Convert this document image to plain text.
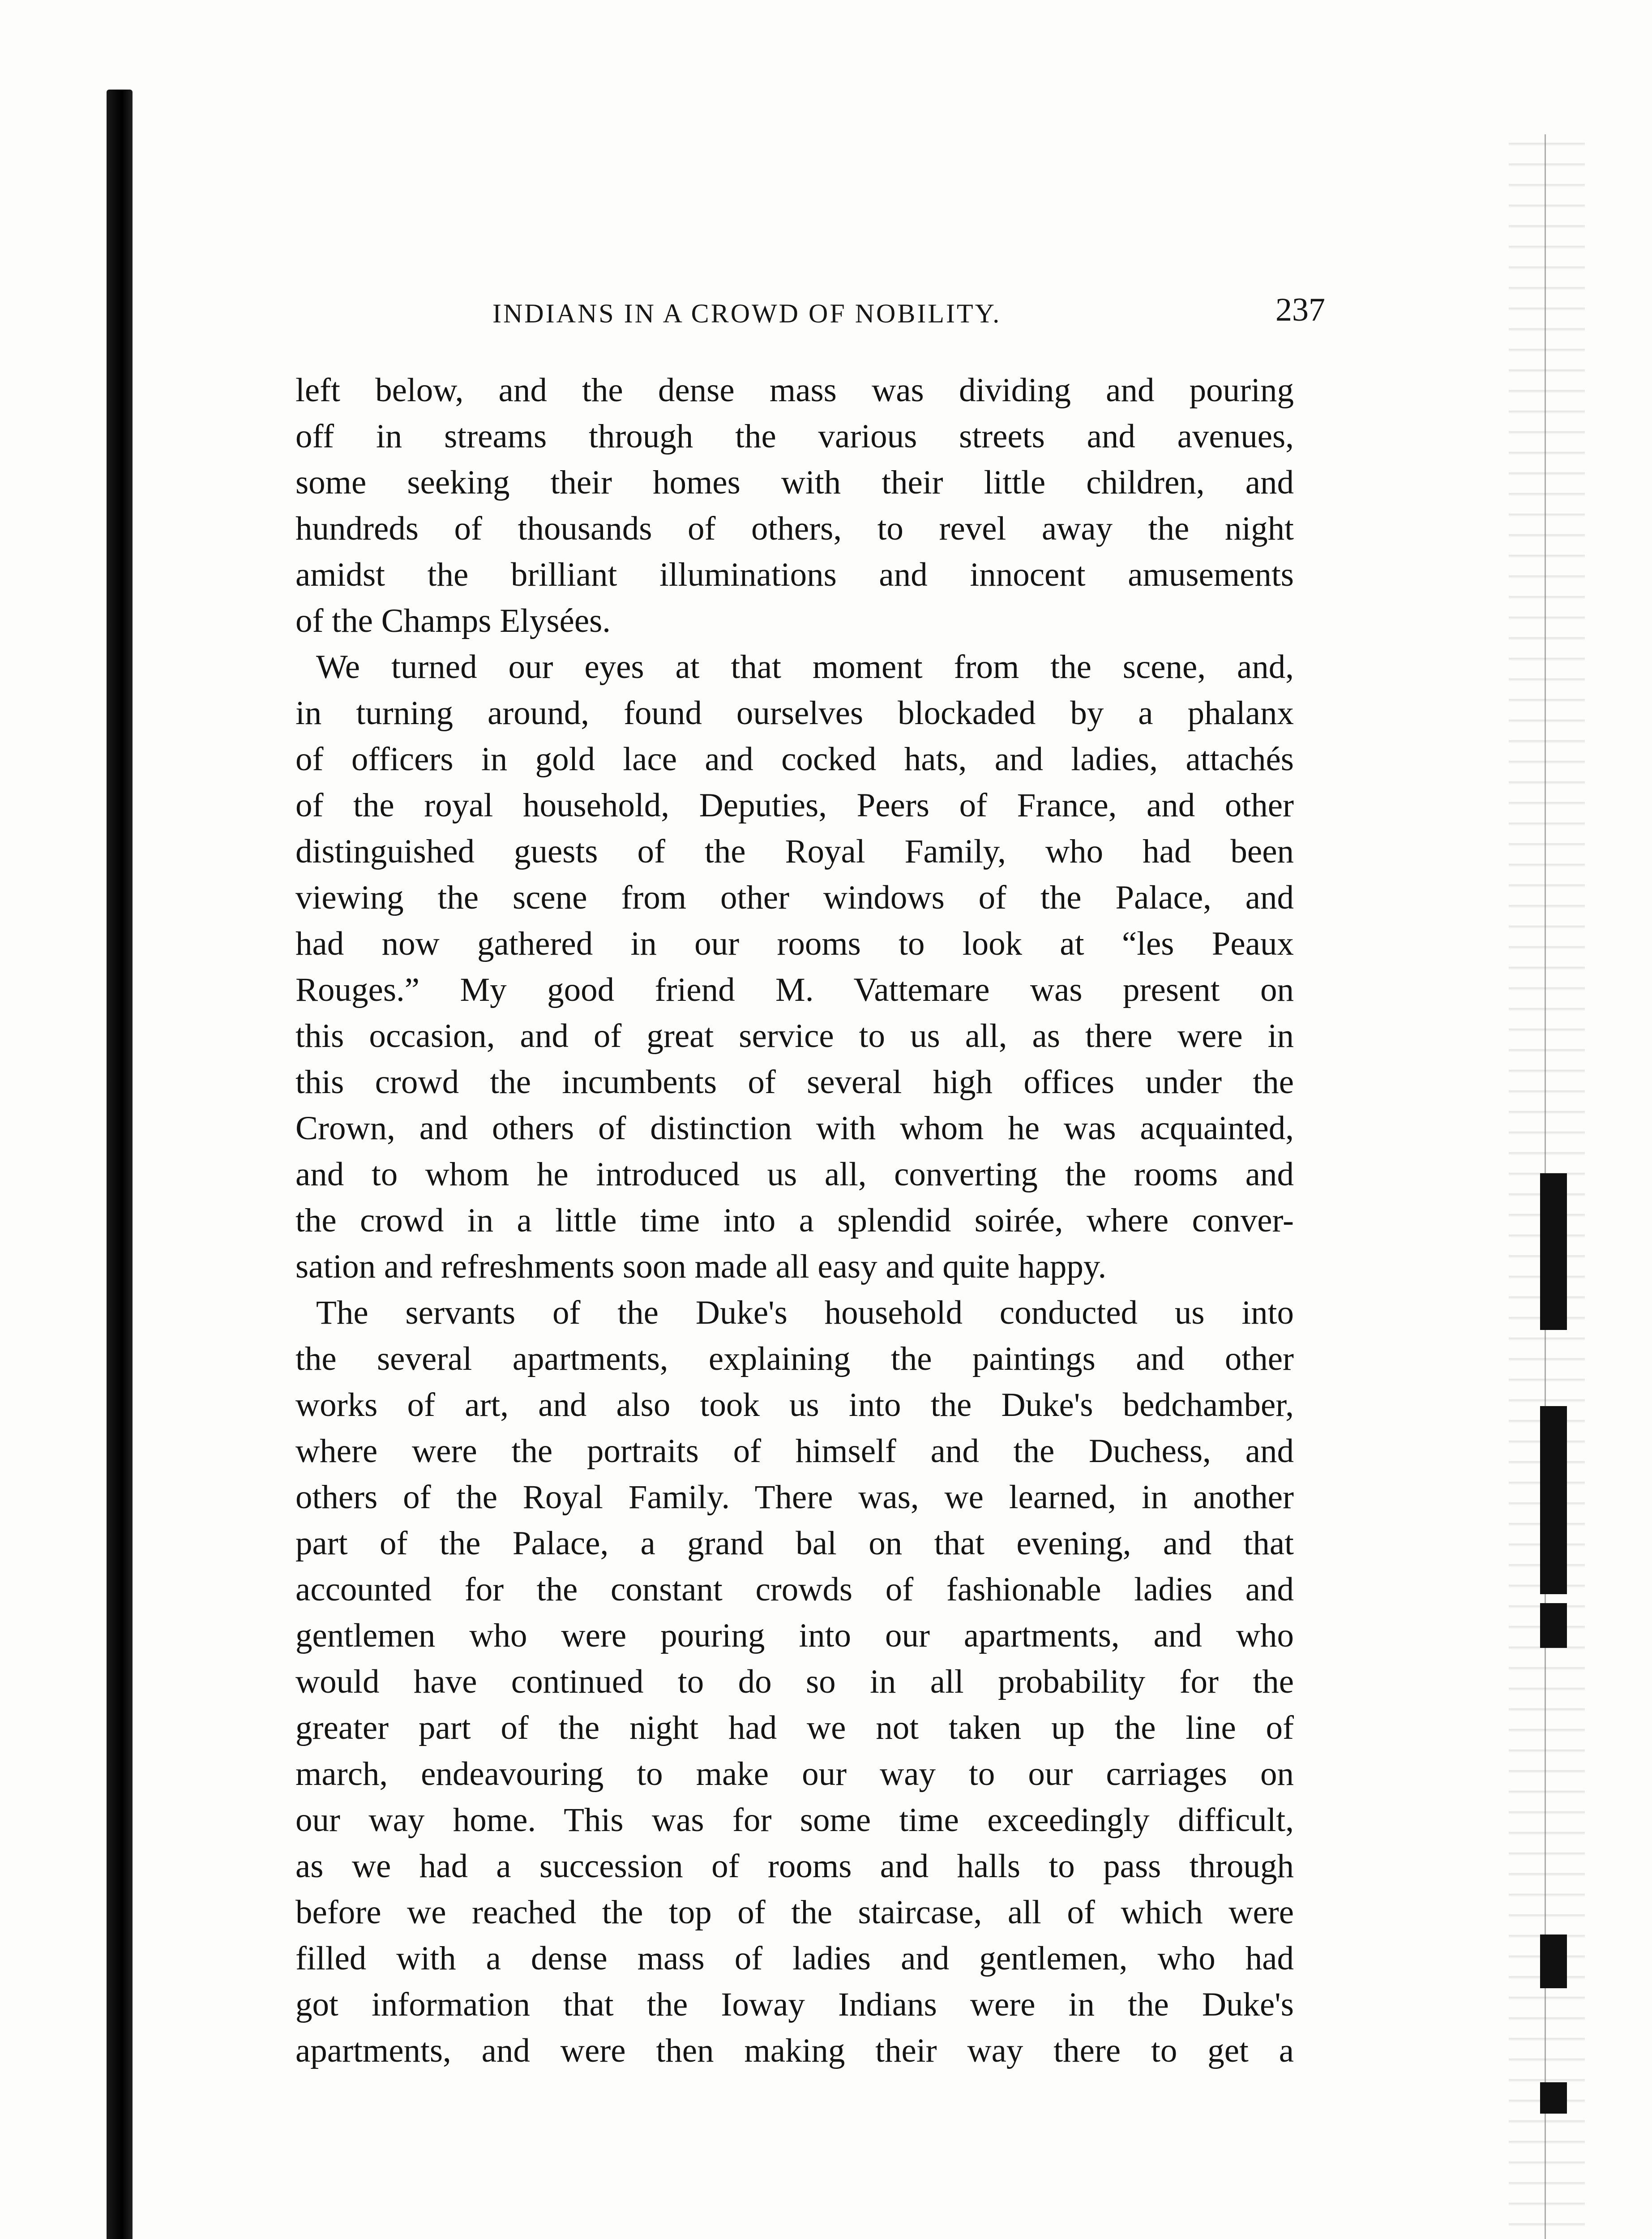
INDIANS IN A CROWD OF NOBILITY.	237
left below, and the dense mass was dividing and pouring
off in streams through the various streets and avenues,
some seeking their homes with their little children, and
hundreds of thousands of others, to revel away the night
amidst the brilliant illuminations and innocent amusements
of the Champs Elysées.
We turned our eyes at that moment from the scene, and,
in turning around, found ourselves blockaded by a phalanx
of officers in gold lace and cocked hats, and ladies, attachés
of the royal household, Deputies, Peers of France, and other
distinguished guests of the Royal Family, who had been
viewing the scene from other windows of the Palace, and
had now gathered in our rooms to look at “les Peaux
Rouges.” My good friend M. Vattemare was present on
this occasion, and of great service to us all, as there were in
this crowd the incumbents of several high offices under the
Crown, and others of distinction with whom he was acquainted,
and to whom he introduced us all, converting the rooms and
the crowd in a little time into a splendid soirée, where conver-
sation and refreshments soon made all easy and quite happy.
The servants of the Duke's household conducted us into
the several apartments, explaining the paintings and other
works of art, and also took us into the Duke's bedchamber,
where were the portraits of himself and the Duchess, and
others of the Royal Family. There was, we learned, in another
part of the Palace, a grand bal on that evening, and that
accounted for the constant crowds of fashionable ladies and
gentlemen who were pouring into our apartments, and who
would have continued to do so in all probability for the
greater part of the night had we not taken up the line of
march, endeavouring to make our way to our carriages on
our way home. This was for some time exceedingly difficult,
as we had a succession of rooms and halls to pass through
before we reached the top of the staircase, all of which were
filled with a dense mass of ladies and gentlemen, who had
got information that the Ioway Indians were in the Duke's
apartments, and were then making their way there to get a
